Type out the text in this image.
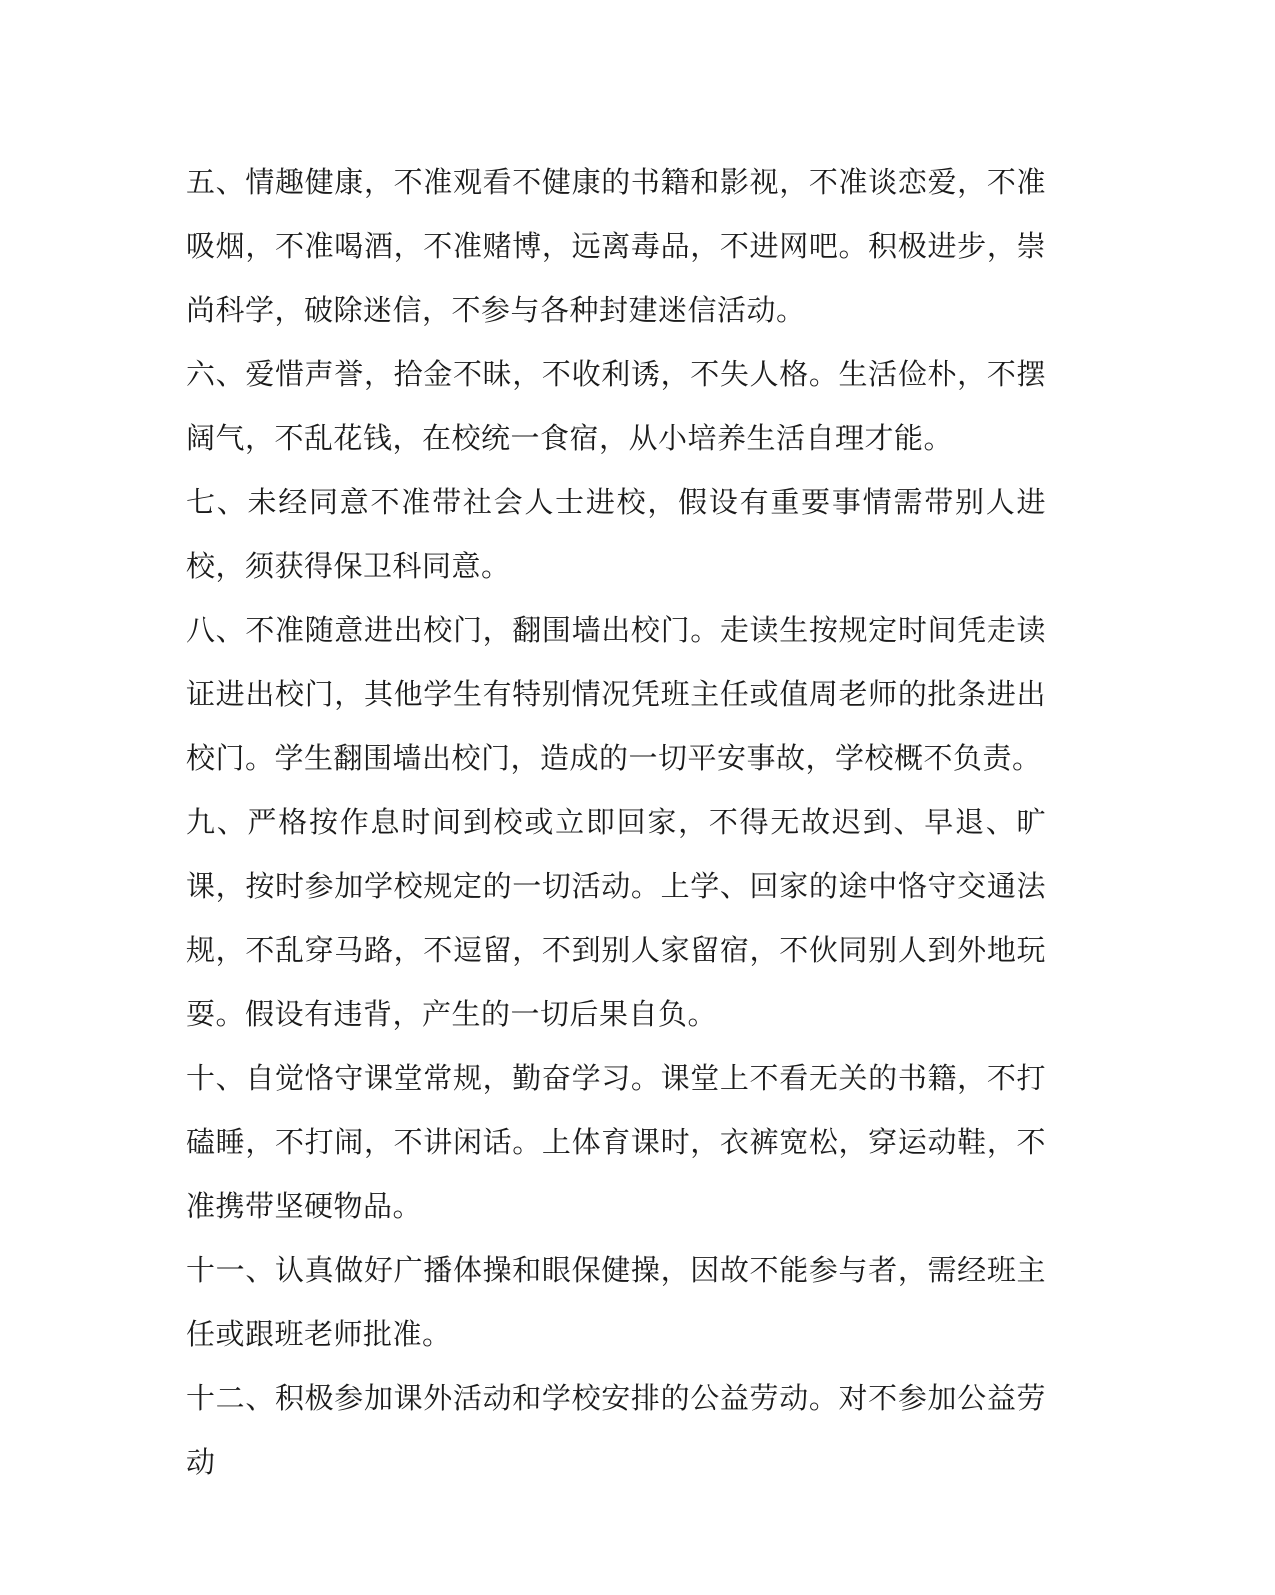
五、情趣健康，不准观看不健康的书籍和影视，不准谈恋爱，不准吸烟，不准喝酒，不准赌博，远离毒品，不进网吧。积极进步，崇尚科学，破除迷信，不参与各种封建迷信活动。

六、爱惜声誉，拾金不昧，不收利诱，不失人格。生活俭朴，不摆阔气，不乱花钱，在校统一食宿，从小培养生活自理才能。

七、未经同意不准带社会人士进校，假设有重要事情需带别人进校，须获得保卫科同意。

八、不准随意进出校门，翻围墙出校门。走读生按规定时间凭走读证进出校门，其他学生有特别情况凭班主任或值周老师的批条进出校门。学生翻围墙出校门，造成的一切平安事故，学校概不负责。

九、严格按作息时间到校或立即回家，不得无故迟到、早退、旷课，按时参加学校规定的一切活动。上学、回家的途中恪守交通法规，不乱穿马路，不逗留，不到别人家留宿，不伙同别人到外地玩耍。假设有违背，产生的一切后果自负。

十、自觉恪守课堂常规，勤奋学习。课堂上不看无关的书籍，不打磕睡，不打闹，不讲闲话。上体育课时，衣裤宽松，穿运动鞋，不准携带坚硬物品。

十一、认真做好广播体操和眼保健操，因故不能参与者，需经班主任或跟班老师批准。

十二、积极参加课外活动和学校安排的公益劳动。对不参加公益劳动
